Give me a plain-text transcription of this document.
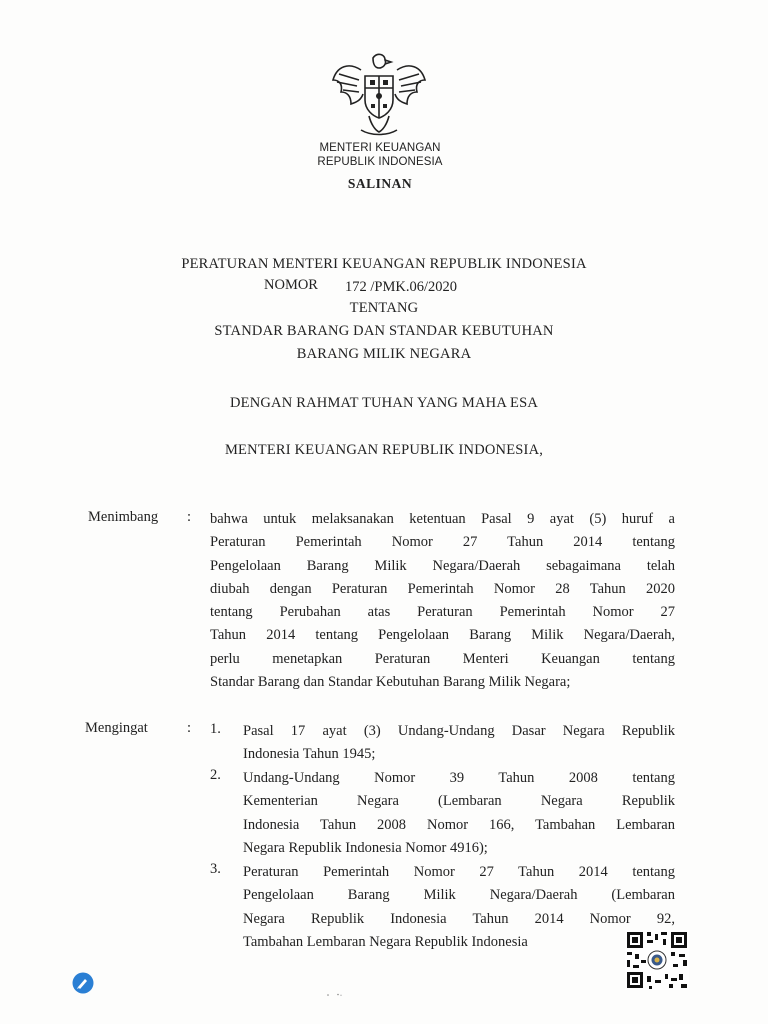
MENTERI KEUANGAN
REPUBLIK INDONESIA
SALINAN
PERATURAN MENTERI KEUANGAN REPUBLIK INDONESIA
NOMOR 172 /PMK.06/2020
TENTANG
STANDAR BARANG DAN STANDAR KEBUTUHAN
BARANG MILIK NEGARA
DENGAN RAHMAT TUHAN YANG MAHA ESA
MENTERI KEUANGAN REPUBLIK INDONESIA,
Menimbang : bahwa untuk melaksanakan ketentuan Pasal 9 ayat (5) huruf a
Peraturan Pemerintah Nomor 27 Tahun 2014 tentang
Pengelolaan Barang Milik Negara/Daerah sebagaimana telah
diubah dengan Peraturan Pemerintah Nomor 28 Tahun 2020
tentang Perubahan atas Peraturan Pemerintah Nomor 27
Tahun 2014 tentang Pengelolaan Barang Milik Negara/Daerah,
perlu menetapkan Peraturan Menteri Keuangan tentang
Standar Barang dan Standar Kebutuhan Barang Milik Negara;
Mengingat	: 1. Pasal 17 ayat (3) Undang-Undang Dasar Negara Republik
Indonesia Tahun 1945;
2. Undang-Undang Nomor 39 Tahun 2008 tentang
Kementerian Negara (Lembaran Negara Republik
Indonesia Tahun 2008 Nomor 166, Tambahan Lembaran
Negara Republik Indonesia Nomor 4916);
3. Peraturan Pemerintah Nomor 27 Tahun 2014 tentang
Pengelolaan Barang Milik Negara/Daerah (Lembaran
Negara Republik Indonesia Tahun 2014 Nomor 92,
Tambahan Lembaran Negara Republik Indonesia
